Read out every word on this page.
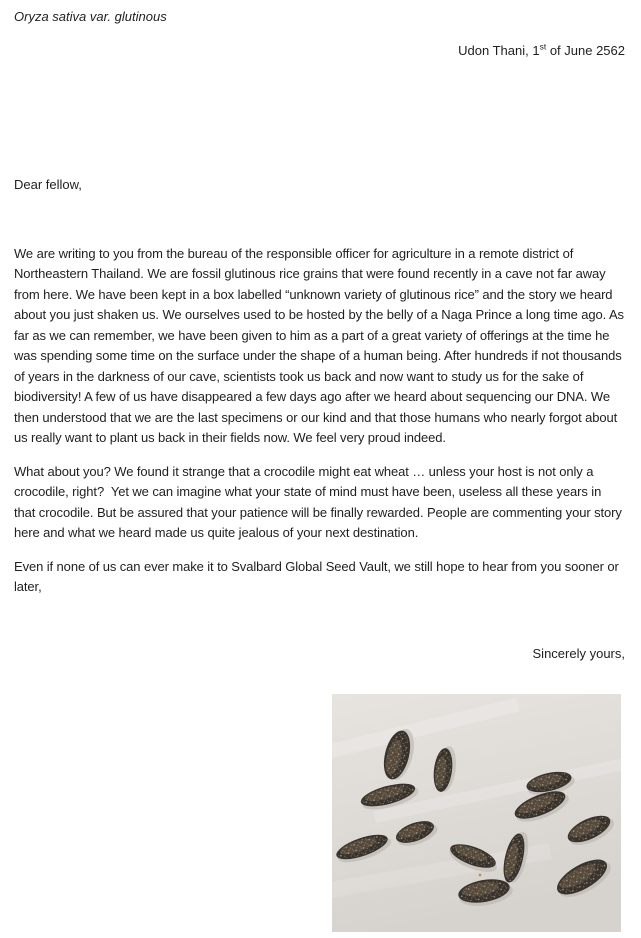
Oryza sativa var. glutinous
Udon Thani, 1st of June 2562
Dear fellow,

We are writing to you from the bureau of the responsible officer for agriculture in a remote district of Northeastern Thailand. We are fossil glutinous rice grains that were found recently in a cave not far away from here. We have been kept in a box labelled “unknown variety of glutinous rice” and the story we heard about you just shaken us. We ourselves used to be hosted by the belly of a Naga Prince a long time ago. As far as we can remember, we have been given to him as a part of a great variety of offerings at the time he was spending some time on the surface under the shape of a human being. After hundreds if not thousands of years in the darkness of our cave, scientists took us back and now want to study us for the sake of biodiversity! A few of us have disappeared a few days ago after we heard about sequencing our DNA. We then understood that we are the last specimens or our kind and that those humans who nearly forgot about us really want to plant us back in their fields now. We feel very proud indeed.

What about you? We found it strange that a crocodile might eat wheat … unless your host is not only a crocodile, right?  Yet we can imagine what your state of mind must have been, useless all these years in that crocodile. But be assured that your patience will be finally rewarded. People are commenting your story here and what we heard made us quite jealous of your next destination.

Even if none of us can ever make it to Svalbard Global Seed Vault, we still hope to hear from you sooner or later,

Sincerely yours,
